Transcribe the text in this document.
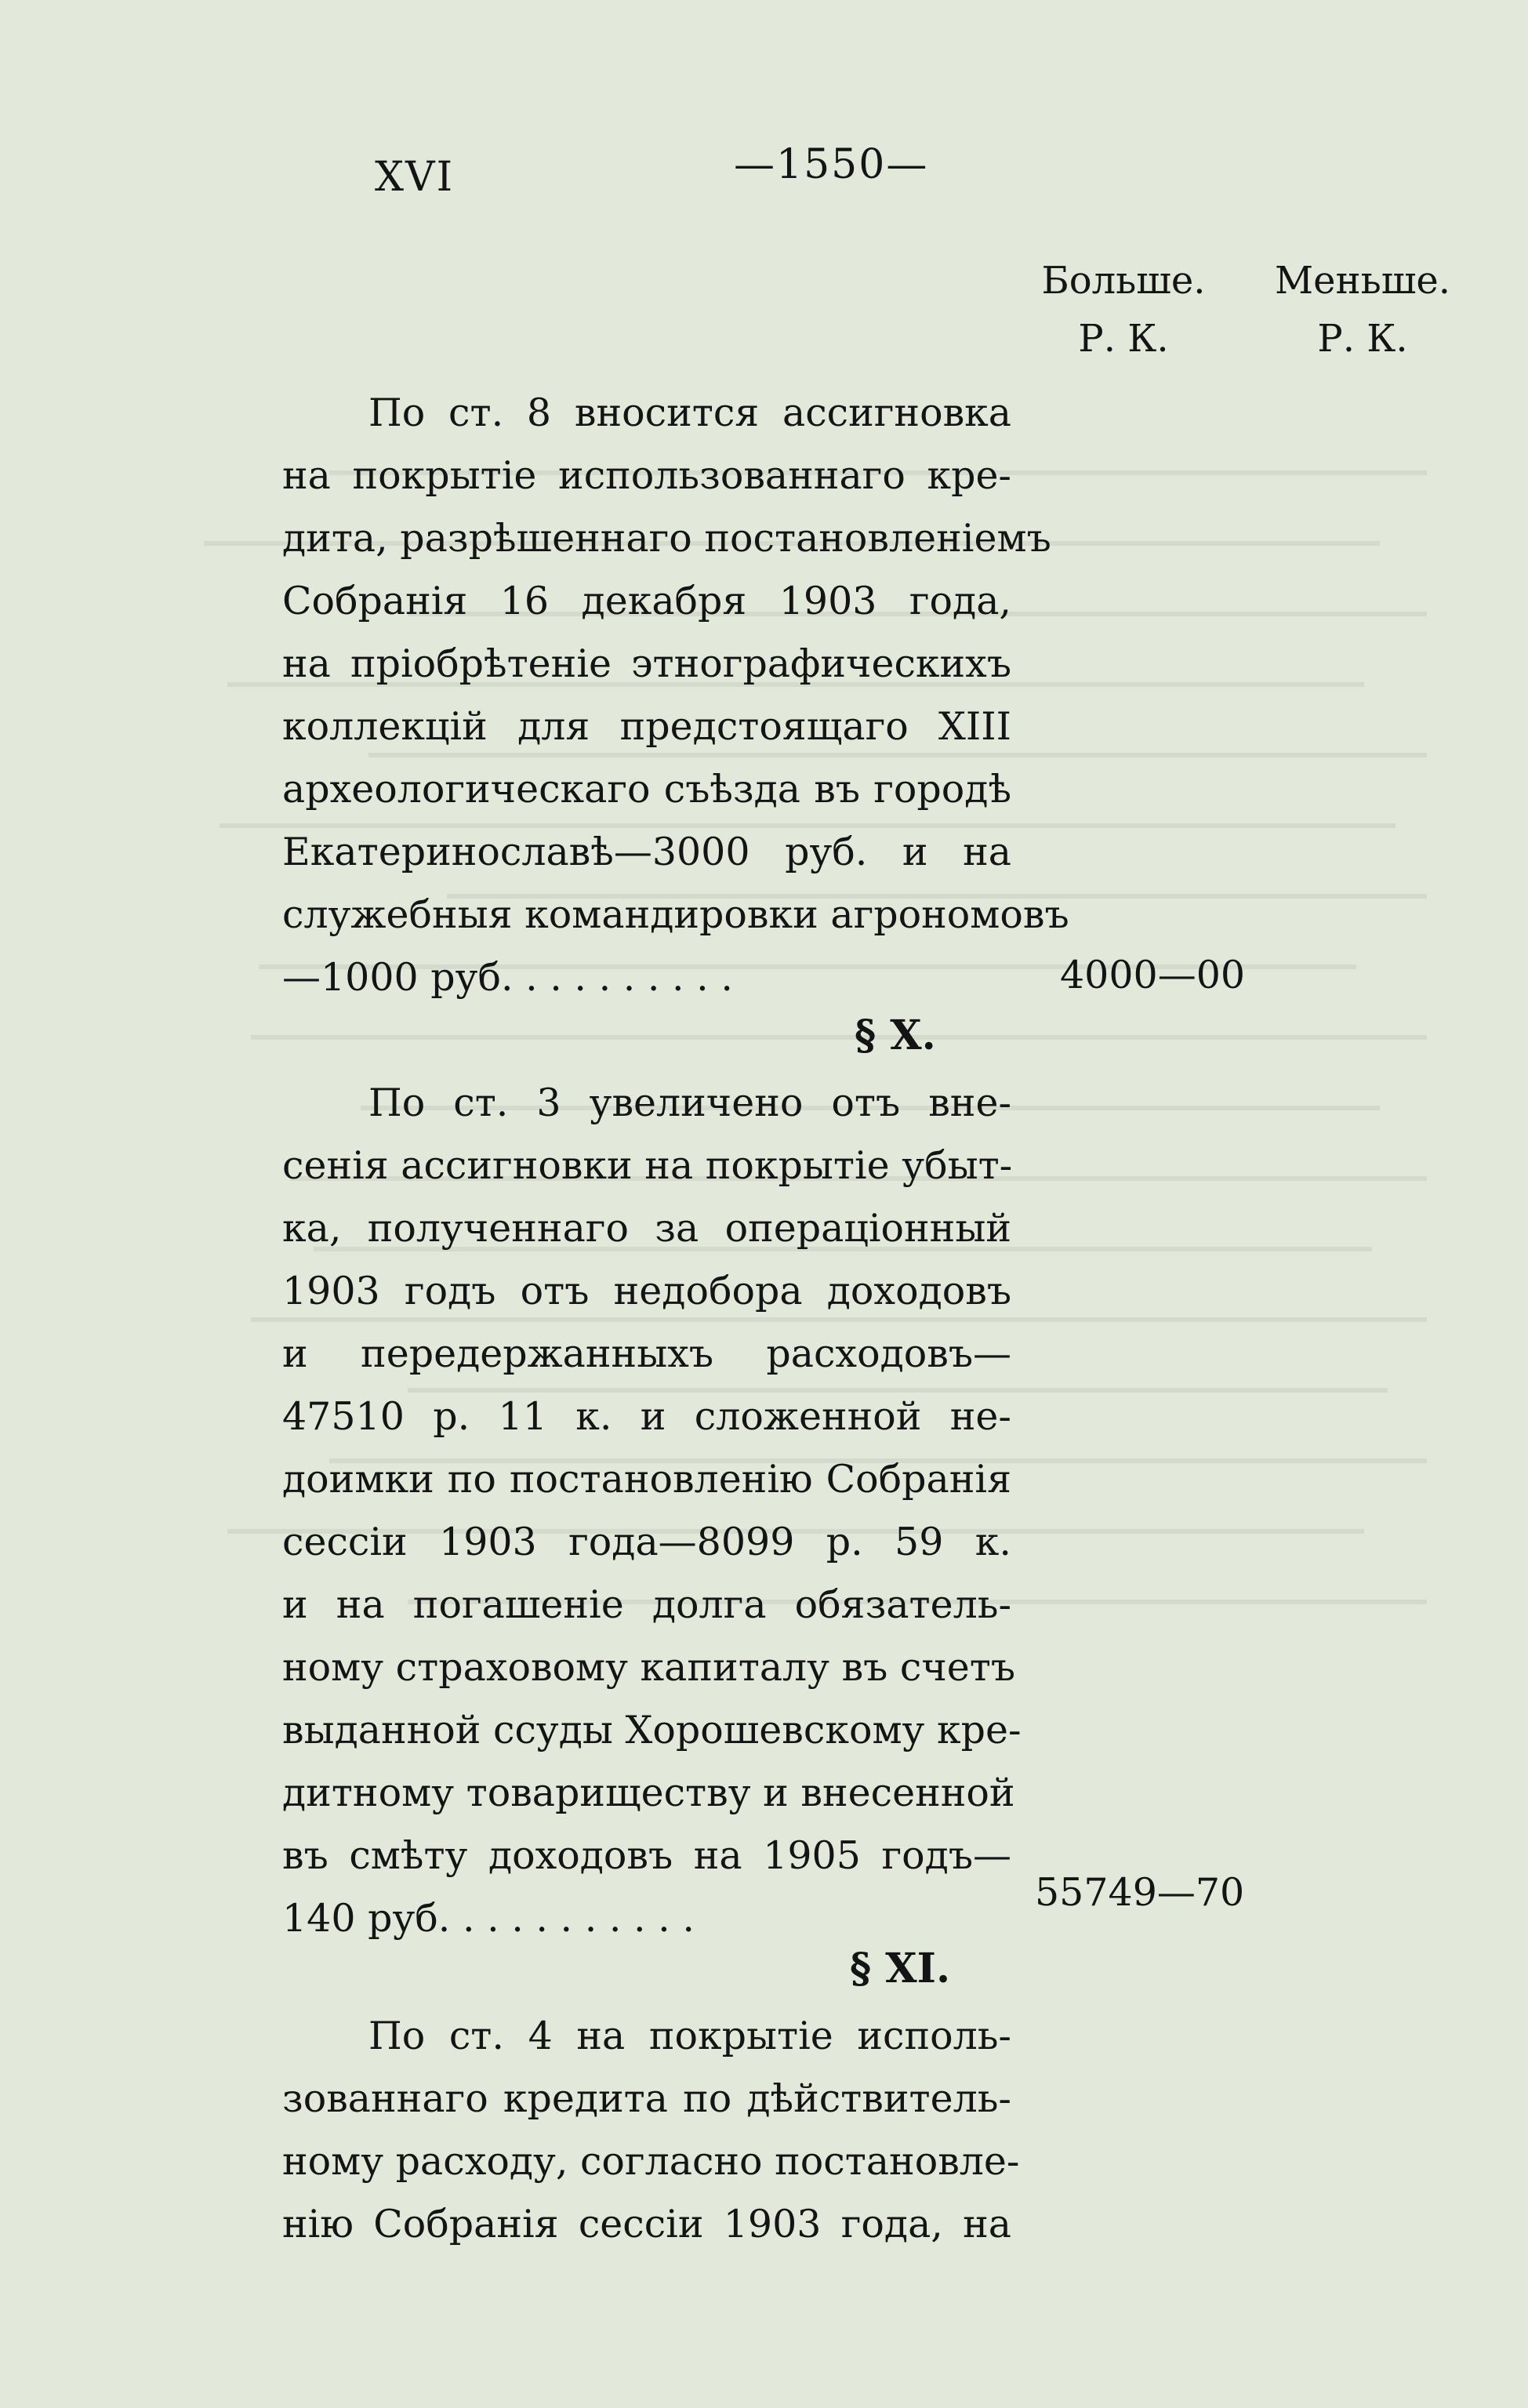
XVI	—1550—
Больше.
Р. К.
Меньше.
Р. К.
По ст. 8 вносится ассигновка
на покрытіе использованнаго кре-
дита, разрѣшеннаго постановленіемъ
Собранія 16 декабря 1903 года,
на пріобрѣтеніе этнографическихъ
коллекцій для предстоящаго XIII
археологическаго съѣзда въ городѣ
Екатеринославѣ—3000 руб. и на
служебныя командировки агрономовъ
—1000 руб. . . . . . . . . .	4000—00
§ X.
По ст. 3 увеличено отъ вне-
сенія ассигновки на покрытіе убыт-
ка, полученнаго за операціонный
1903 годъ отъ недобора доходовъ
и передержанныхъ расходовъ—
47510 р. 11 к. и сложенной не-
доимки по постановленію Собранія
сессіи 1903 года—8099 р. 59 к.
и на погашеніе долга обязатель-
ному страховому капиталу въ счетъ
выданной ссуды Хорошевскому кре-
дитному товариществу и внесенной
въ смѣту доходовъ на 1905 годъ—
140 руб. . . . . . . . . . .
55749—70
§ XI.
По ст. 4 на покрытіе исполь-
зованнаго кредита по дѣйствитель-
ному расходу, согласно постановле-
нію Собранія сессіи 1903 года, на
